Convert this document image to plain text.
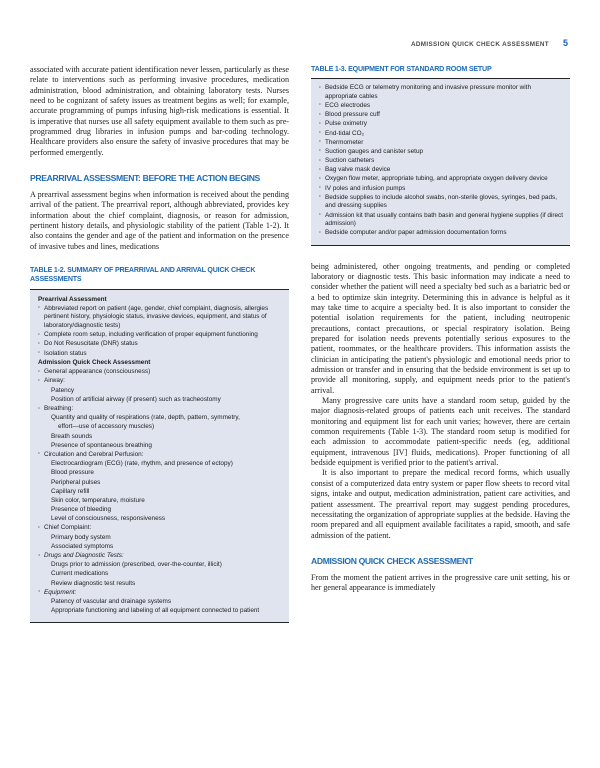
ADMISSION QUICK CHECK ASSESSMENT 5

associated with accurate patient identification never lessen, particularly as these relate to interventions such as performing invasive procedures, medication administration, blood administration, and obtaining laboratory tests. Nurses need to be cognizant of safety issues as treatment begins as well; for example, accurate programming of pumps infusing high-risk medications is essential. It is imperative that nurses use all safety equipment available to them such as pre-programmed drug libraries in infusion pumps and bar-coding technology. Healthcare providers also ensure the safety of invasive procedures that may be performed emergently.

PREARRIVAL ASSESSMENT: BEFORE THE ACTION BEGINS

A prearrival assessment begins when information is received about the pending arrival of the patient. The prearrival report, although abbreviated, provides key information about the chief complaint, diagnosis, or reason for admission, pertinent history details, and physiologic stability of the patient (Table 1-2). It also contains the gender and age of the patient and information on the presence of invasive tubes and lines, medications

TABLE 1-2. SUMMARY OF PREARRIVAL AND ARRIVAL QUICK CHECK ASSESSMENTS
Prearrival Assessment
· Abbreviated report on patient (age, gender, chief complaint, diagnosis, allergies pertinent history, physiologic status, invasive devices, equipment, and status of laboratory/diagnostic tests)
· Complete room setup, including verification of proper equipment functioning
· Do Not Resuscitate (DNR) status
· Isolation status
Admission Quick Check Assessment
· General appearance (consciousness)
· Airway:
Patency
Position of artificial airway (if present) such as tracheostomy
· Breathing:
Quantity and quality of respirations (rate, depth, pattern, symmetry,
effort—use of accessory muscles)
Breath sounds
Presence of spontaneous breathing
· Circulation and Cerebral Perfusion:
Electrocardiogram (ECG) (rate, rhythm, and presence of ectopy)
Blood pressure
Peripheral pulses
Capillary refill
Skin color, temperature, moisture
Presence of bleeding
Level of consciousness, responsiveness
· Chief Complaint:
Primary body system
Associated symptoms
· Drugs and Diagnostic Tests:
Drugs prior to admission (prescribed, over-the-counter, illicit)
Current medications
Review diagnostic test results
· Equipment:
Patency of vascular and drainage systems
Appropriate functioning and labeling of all equipment connected to patient
TABLE 1-3. EQUIPMENT FOR STANDARD ROOM SETUP
· Bedside ECG or telemetry monitoring and invasive pressure monitor with appropriate cables
· ECG electrodes
· Blood pressure cuff
· Pulse oximetry
· End-tidal CO₂
· Thermometer
· Suction gauges and canister setup
· Suction catheters
· Bag valve mask device
· Oxygen flow meter, appropriate tubing, and appropriate oxygen delivery device
· IV poles and infusion pumps
· Bedside supplies to include alcohol swabs, non-sterile gloves, syringes, bed pads, and dressing supplies
· Admission kit that usually contains bath basin and general hygiene supplies (if direct admission)
· Bedside computer and/or paper admission documentation forms

being administered, other ongoing treatments, and pending or completed laboratory or diagnostic tests. This basic information may indicate a need to consider whether the patient will need a specialty bed such as a bariatric bed or a bed to optimize skin integrity. Determining this in advance is helpful as it may take time to acquire a specialty bed. It is also important to consider the potential isolation requirements for the patient, including neutropenic precautions, contact precautions, or special respiratory isolation. Being prepared for isolation needs prevents potentially serious exposures to the patient, roommates, or the healthcare providers. This information assists the clinician in anticipating the patient's physiologic and emotional needs prior to admission or transfer and in ensuring that the bedside environment is set up to provide all monitoring, supply, and equipment needs prior to the patient's arrival.

Many progressive care units have a standard room setup, guided by the major diagnosis-related groups of patients each unit receives. The standard monitoring and equipment list for each unit varies; however, there are certain common requirements (Table 1-3). The standard room setup is modified for each admission to accommodate patient-specific needs (eg, additional equipment, intravenous [IV] fluids, medications). Proper functioning of all bedside equipment is verified prior to the patient's arrival.

It is also important to prepare the medical record forms, which usually consist of a computerized data entry system or paper flow sheets to record vital signs, intake and output, medication administration, patient care activities, and patient assessment. The prearrival report may suggest pending procedures, necessitating the organization of appropriate supplies at the bedside. Having the room prepared and all equipment available facilitates a rapid, smooth, and safe admission of the patient.

ADMISSION QUICK CHECK ASSESSMENT

From the moment the patient arrives in the progressive care unit setting, his or her general appearance is immediately
